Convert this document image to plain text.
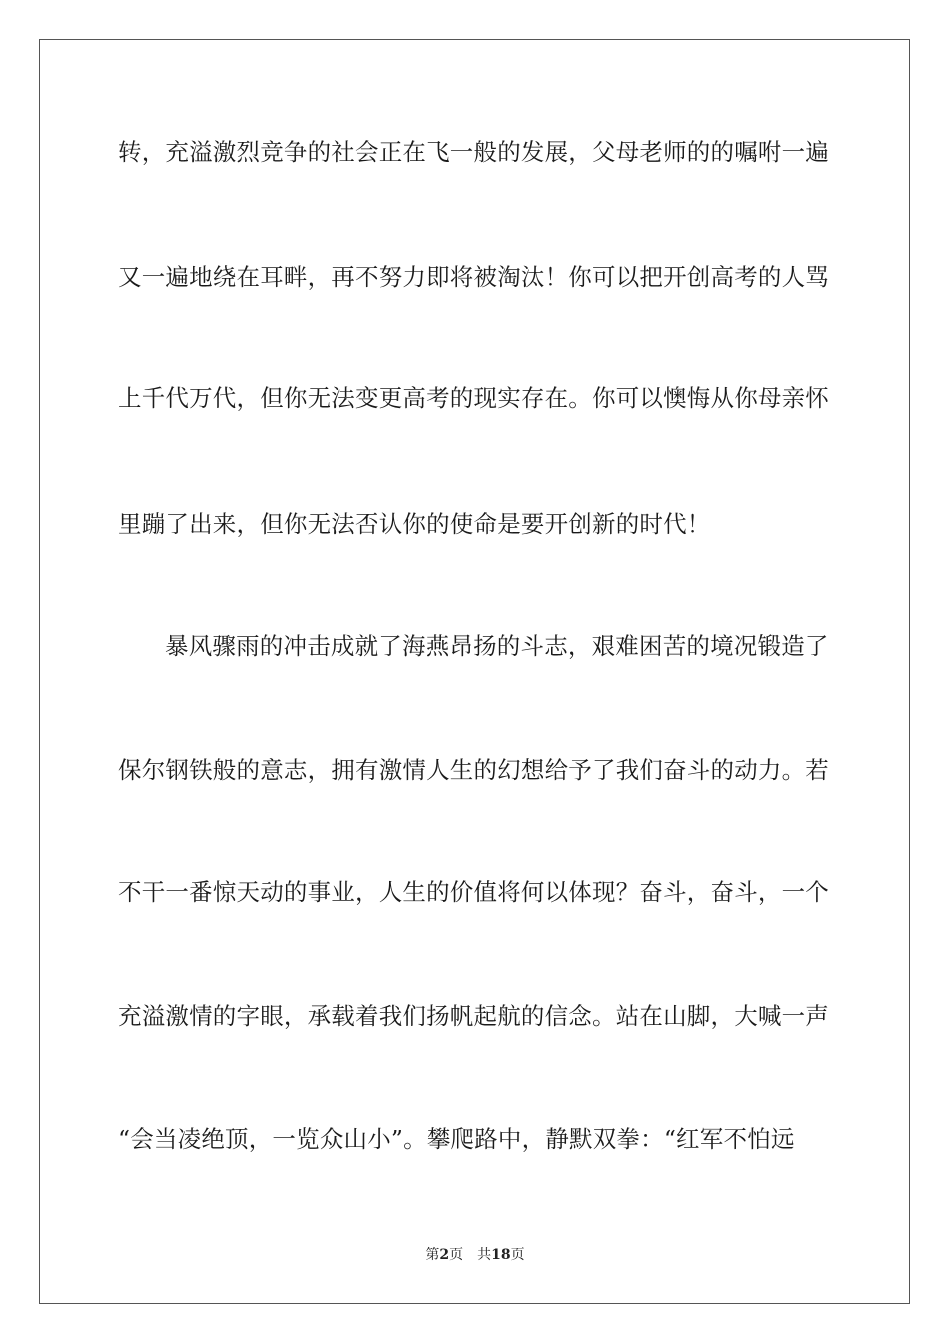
转，充溢激烈竞争的社会正在飞一般的发展，父母老师的的嘱咐一遍

又一遍地绕在耳畔，再不努力即将被淘汰！你可以把开创高考的人骂

上千代万代，但你无法变更高考的现实存在。你可以懊悔从你母亲怀

里蹦了出来，但你无法否认你的使命是要开创新的时代！

暴风骤雨的冲击成就了海燕昂扬的斗志，艰难困苦的境况锻造了

保尔钢铁般的意志，拥有激情人生的幻想给予了我们奋斗的动力。若

不干一番惊天动的事业，人生的价值将何以体现？奋斗，奋斗，一个

充溢激情的字眼，承载着我们扬帆起航的信念。站在山脚，大喊一声

“会当凌绝顶，一览众山小”。攀爬路中，静默双拳：“红军不怕远

第2页 共18页
